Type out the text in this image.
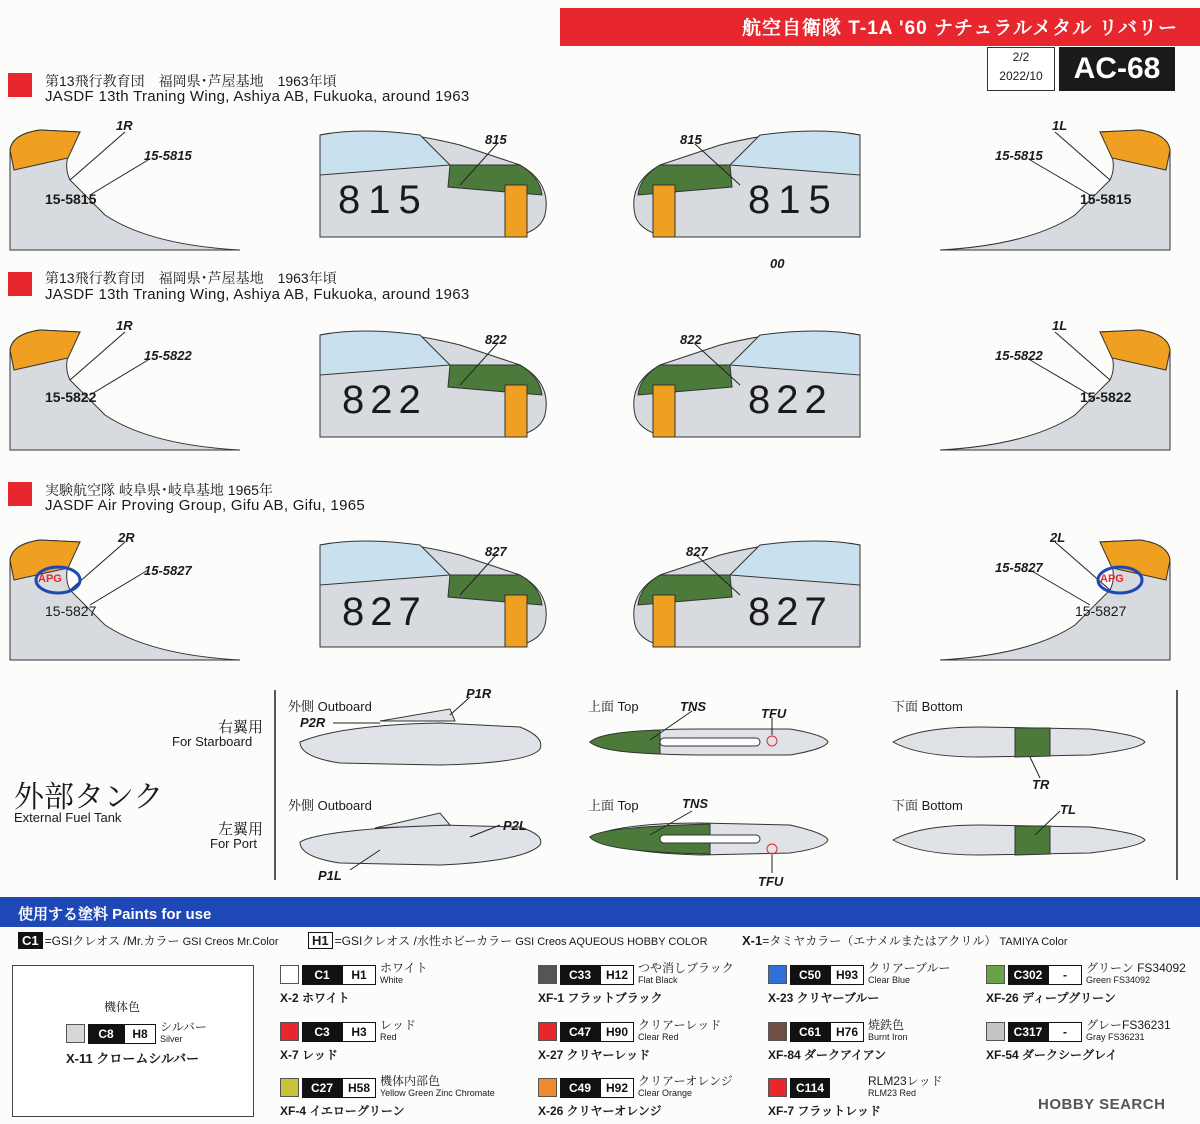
航空自衛隊 T-1A '60 ナチュラルメタル リバリー
2/2
2022/10	AC-68
第13飛行教育団　福岡県･芦屋基地　1963年頃
JASDF 13th Traning Wing, Ashiya AB, Fukuoka, around 1963
第13飛行教育団　福岡県･芦屋基地　1963年頃
JASDF 13th Traning Wing, Ashiya AB, Fukuoka, around 1963
実験航空隊 岐阜県･岐阜基地 1965年
JASDF Air Proving Group, Gifu AB, Gifu, 1965
1R
15-5815
15-5815
815
815
815
815
00
1L
15-5815
15-5815
1R
15-5822
15-5822
822
822
822
822
1L
15-5822
15-5822
2R
15-5827
APG
15-5827
827
827
827
827
2L
15-5827
APG
15-5827
外部タンク
External Fuel Tank
右翼用
For Starboard
左翼用
For Port
外側 Outboard
外側 Outboard
上面 Top
上面 Top
下面 Bottom
下面 Bottom
P1R
P2R
TNS	TFU
TR
P2L
P1L
TNS
TFU
TL
使用する塗料 Paints for use
C1 =GSIクレオス /Mr.カラー GSI Creos Mr.Color	H1 =GSIクレオス /水性ホビーカラー GSI Creos AQUEOUS HOBBY COLOR	X-1=タミヤカラー（エナメルまたはアクリル） TAMIYA Color
機体色
C8	H8	シルバー
Silver
X-11 クロームシルバー
C1	H1	ホワイト
White
X-2 ホワイト
C3	H3	レッド
Red
X-7 レッド
C27	H58 機体内部色
Yellow Green Zinc Chromate
XF-4 イエローグリーン
C33	H12 つや消しブラック
Flat Black
XF-1 フラットブラック
C47	H90 クリアーレッド
Clear Red
X-27 クリヤーレッド
C49	H92 クリアーオレンジ
Clear Orange
X-26 クリヤーオレンジ
C50	H93 クリアーブルー
Clear Blue
X-23 クリヤーブルー
C61	H76 焼鉄色
Burnt Iron
XF-84 ダークアイアン
C114	RLM23レッド
RLM23 Red
XF-7 フラットレッド
C302	-	グリーン FS34092
Green FS34092
XF-26 ディープグリーン
C317	-	グレーFS36231
Gray FS36231
XF-54 ダークシーグレイ
HOBBY SEARCH
